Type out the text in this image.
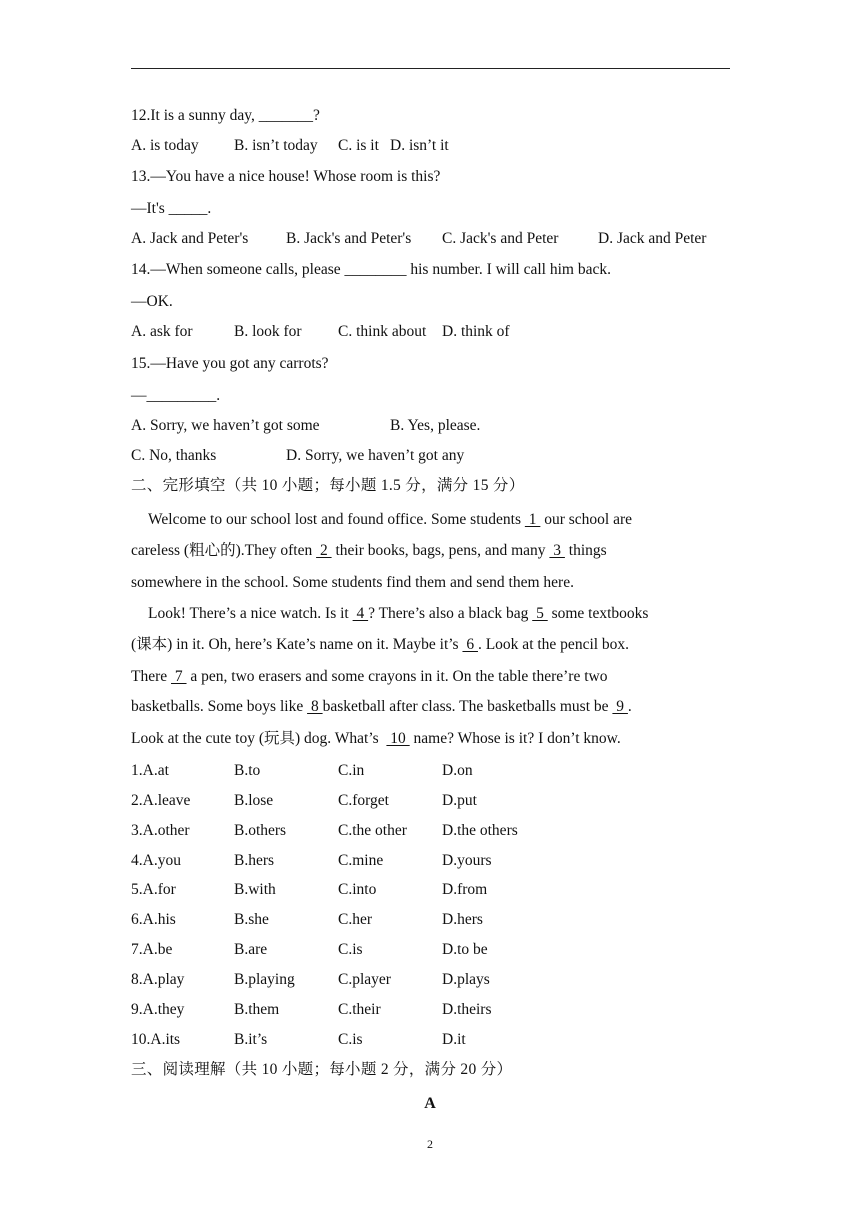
12.It is a sunny day, _______?
A. is today B. isn’t today C. is it D. isn’t it
13.—You have a nice house! Whose room is this?
—It's _____.
A. Jack and Peter's B. Jack's and Peter's C. Jack's and Peter	D. Jack and Peter
14.—When someone calls, please ________ his number. I will call him back.
—OK.
A. ask for	B. look for C. think about D. think of
15.—Have you got any carrots?
—_________.
A. Sorry, we haven’t got some	B. Yes, please.
C. No, thanks	D. Sorry, we haven’t got any
二、完形填空（共 10 小题；每小题 1.5 分，满分 15 分）
Welcome to our school lost and found office. Some students  1  our school are
careless (粗心的).They often  2  their books, bags, pens, and many  3  things
somewhere in the school. Some students find them and send them here.
Look! There’s a nice watch. Is it  4 ? There’s also a black bag  5  some textbooks
(课本) in it. Oh, here’s Kate’s name on it. Maybe it’s  6 . Look at the pencil box.
There  7  a pen, two erasers and some crayons in it. On the table there’re two
basketballs. Some boys like  8 basketball after class. The basketballs must be  9 .
Look at the cute toy (玩具) dog. What’s   10  name? Whose is it? I don’t know.
1.A.at	B.to	C.in	D.on
2.A.leave	B.lose	C.forget	D.put
3.A.other	B.others	C.the other D.the others
4.A.you	B.hers	C.mine	D.yours
5.A.for	B.with	C.into	D.from
6.A.his	B.she	C.her	D.hers
7.A.be	B.are	C.is	D.to be
8.A.play	B.playing	C.player	D.plays
9.A.they	B.them	C.their	D.theirs
10.A.its	B.it’s	C.is	D.it
三、阅读理解（共 10 小题；每小题 2 分，满分 20 分）
A
2
